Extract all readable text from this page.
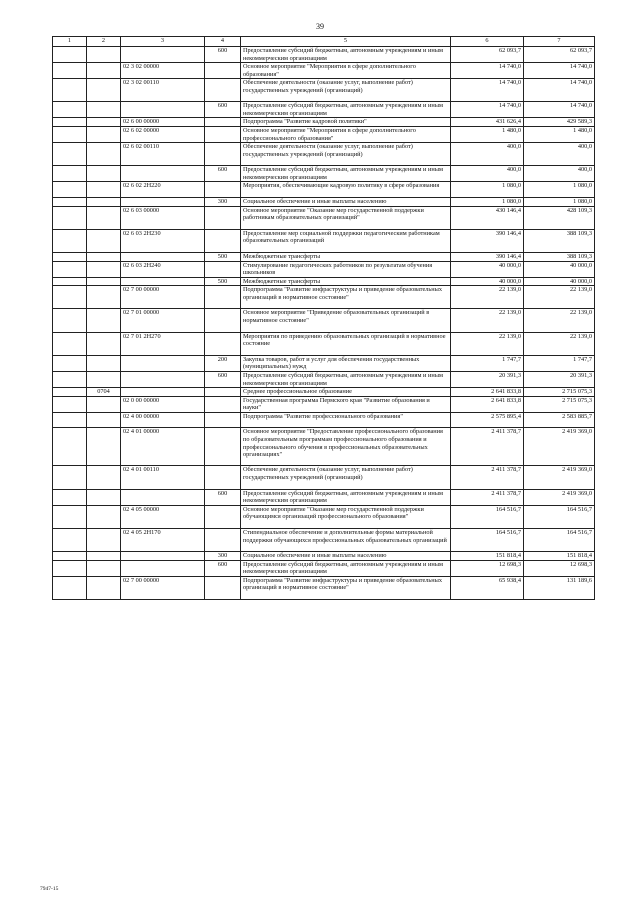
39
1	2	3	4	5	6	7
			600	Предоставление субсидий бюджетным, автономным учреждениям и иным некоммерческим организациям	62 093,7	62 093,7
		02 3 02 00000		Основное мероприятие "Мероприятия в сфере дополнительного образования"	14 740,0	14 740,0
		02 3 02 00110		Обеспечение деятельности (оказание услуг, выполнение работ) государственных учреждений (организаций)	14 740,0	14 740,0
			600	Предоставление субсидий бюджетным, автономным учреждениям и иным некоммерческим организациям	14 740,0	14 740,0
		02 6 00 00000		Подпрограмма "Развитие кадровой политики"	431 626,4	429 589,3
		02 6 02 00000		Основное мероприятие "Мероприятия в сфере дополнительного профессионального образования"	1 480,0	1 480,0
		02 6 02 00110		Обеспечение деятельности (оказание услуг, выполнение работ) государственных учреждений (организаций)	400,0	400,0
			600	Предоставление субсидий бюджетным, автономным учреждениям и иным некоммерческим организациям	400,0	400,0
		02 6 02 2Н220		Мероприятия, обеспечивающие кадровую политику в сфере образования	1 080,0	1 080,0
			300	Социальное обеспечение и иные выплаты населению	1 080,0	1 080,0
		02 6 03 00000		Основное мероприятие "Оказание мер государственной поддержки работникам образовательных организаций"	430 146,4	428 109,3
		02 6 03 2Н230		Предоставление мер социальной поддержки педагогическим работникам образовательных организаций	390 146,4	388 109,3
			500	Межбюджетные трансферты	390 146,4	388 109,3
		02 6 03 2Н240		Стимулирование педагогических работников по результатам обучения школьников	40 000,0	40 000,0
			500	Межбюджетные трансферты	40 000,0	40 000,0
		02 7 00 00000		Подпрограмма "Развитие инфраструктуры и приведение образовательных организаций в нормативное состояние"	22 139,0	22 139,0
		02 7 01 00000		Основное мероприятие "Приведение образовательных организаций в нормативное состояние"	22 139,0	22 139,0
		02 7 01 2Н270		Мероприятия по приведению образовательных организаций в нормативное состояние	22 139,0	22 139,0
			200	Закупка товаров, работ и услуг для обеспечения государственных (муниципальных) нужд	1 747,7	1 747,7
			600	Предоставление субсидий бюджетным, автономным учреждениям и иным некоммерческим организациям	20 391,3	20 391,3
	0704			Среднее профессиональное образование	2 641 833,8	2 715 075,3
		02 0 00 00000		Государственная программа Пермского края "Развитие образования и науки"	2 641 833,8	2 715 075,3
		02 4 00 00000		Подпрограмма "Развитие профессионального образования"	2 575 895,4	2 583 885,7
		02 4 01 00000		Основное мероприятие "Предоставление профессионального образования по образовательным программам профессионального образования и профессионального обучения в профессиональных образовательных организациях"	2 411 378,7	2 419 369,0
		02 4 01 00110		Обеспечение деятельности (оказание услуг, выполнение работ) государственных учреждений (организаций)	2 411 378,7	2 419 369,0
			600	Предоставление субсидий бюджетным, автономным учреждениям и иным некоммерческим организациям	2 411 378,7	2 419 369,0
		02 4 05 00000		Основное мероприятие "Оказание мер государственной поддержки обучающимся организаций профессионального образования"	164 516,7	164 516,7
		02 4 05 2Н170		Стипендиальное обеспечение и дополнительные формы материальной поддержки обучающихся профессиональных образовательных организаций	164 516,7	164 516,7
			300	Социальное обеспечение и иные выплаты населению	151 818,4	151 818,4
			600	Предоставление субсидий бюджетным, автономным учреждениям и иным некоммерческим организациям	12 698,3	12 698,3
		02 7 00 00000		Подпрограмма "Развитие инфраструктуры и приведение образовательных организаций в нормативное состояние"	65 938,4	131 189,6
7947-15
